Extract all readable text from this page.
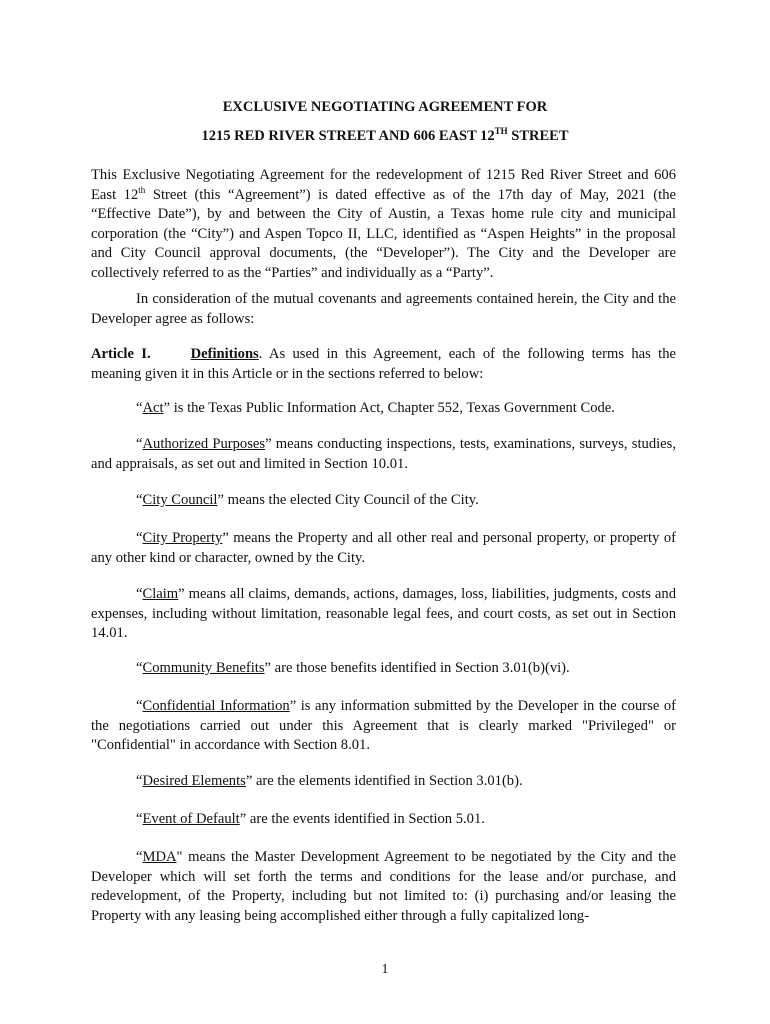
EXCLUSIVE NEGOTIATING AGREEMENT FOR
1215 RED RIVER STREET AND 606 EAST 12TH STREET
This Exclusive Negotiating Agreement for the redevelopment of 1215 Red River Street and 606 East 12th Street (this “Agreement”) is dated effective as of the 17th day of May, 2021 (the “Effective Date”), by and between the City of Austin, a Texas home rule city and municipal corporation (the “City”) and Aspen Topco II, LLC, identified as “Aspen Heights” in the proposal and City Council approval documents, (the “Developer”). The City and the Developer are collectively referred to as the “Parties” and individually as a “Party”.
In consideration of the mutual covenants and agreements contained herein, the City and the Developer agree as follows:
Article I.	Definitions. As used in this Agreement, each of the following terms has the meaning given it in this Article or in the sections referred to below:
“Act” is the Texas Public Information Act, Chapter 552, Texas Government Code.
“Authorized Purposes” means conducting inspections, tests, examinations, surveys, studies, and appraisals, as set out and limited in Section 10.01.
“City Council” means the elected City Council of the City.
“City Property” means the Property and all other real and personal property, or property of any other kind or character, owned by the City.
“Claim” means all claims, demands, actions, damages, loss, liabilities, judgments, costs and expenses, including without limitation, reasonable legal fees, and court costs, as set out in Section 14.01.
“Community Benefits” are those benefits identified in Section 3.01(b)(vi).
“Confidential Information” is any information submitted by the Developer in the course of the negotiations carried out under this Agreement that is clearly marked "Privileged" or "Confidential" in accordance with Section 8.01.
“Desired Elements” are the elements identified in Section 3.01(b).
“Event of Default” are the events identified in Section 5.01.
“MDA" means the Master Development Agreement to be negotiated by the City and the Developer which will set forth the terms and conditions for the lease and/or purchase, and redevelopment, of the Property, including but not limited to: (i) purchasing and/or leasing the Property with any leasing being accomplished either through a fully capitalized long-
1
